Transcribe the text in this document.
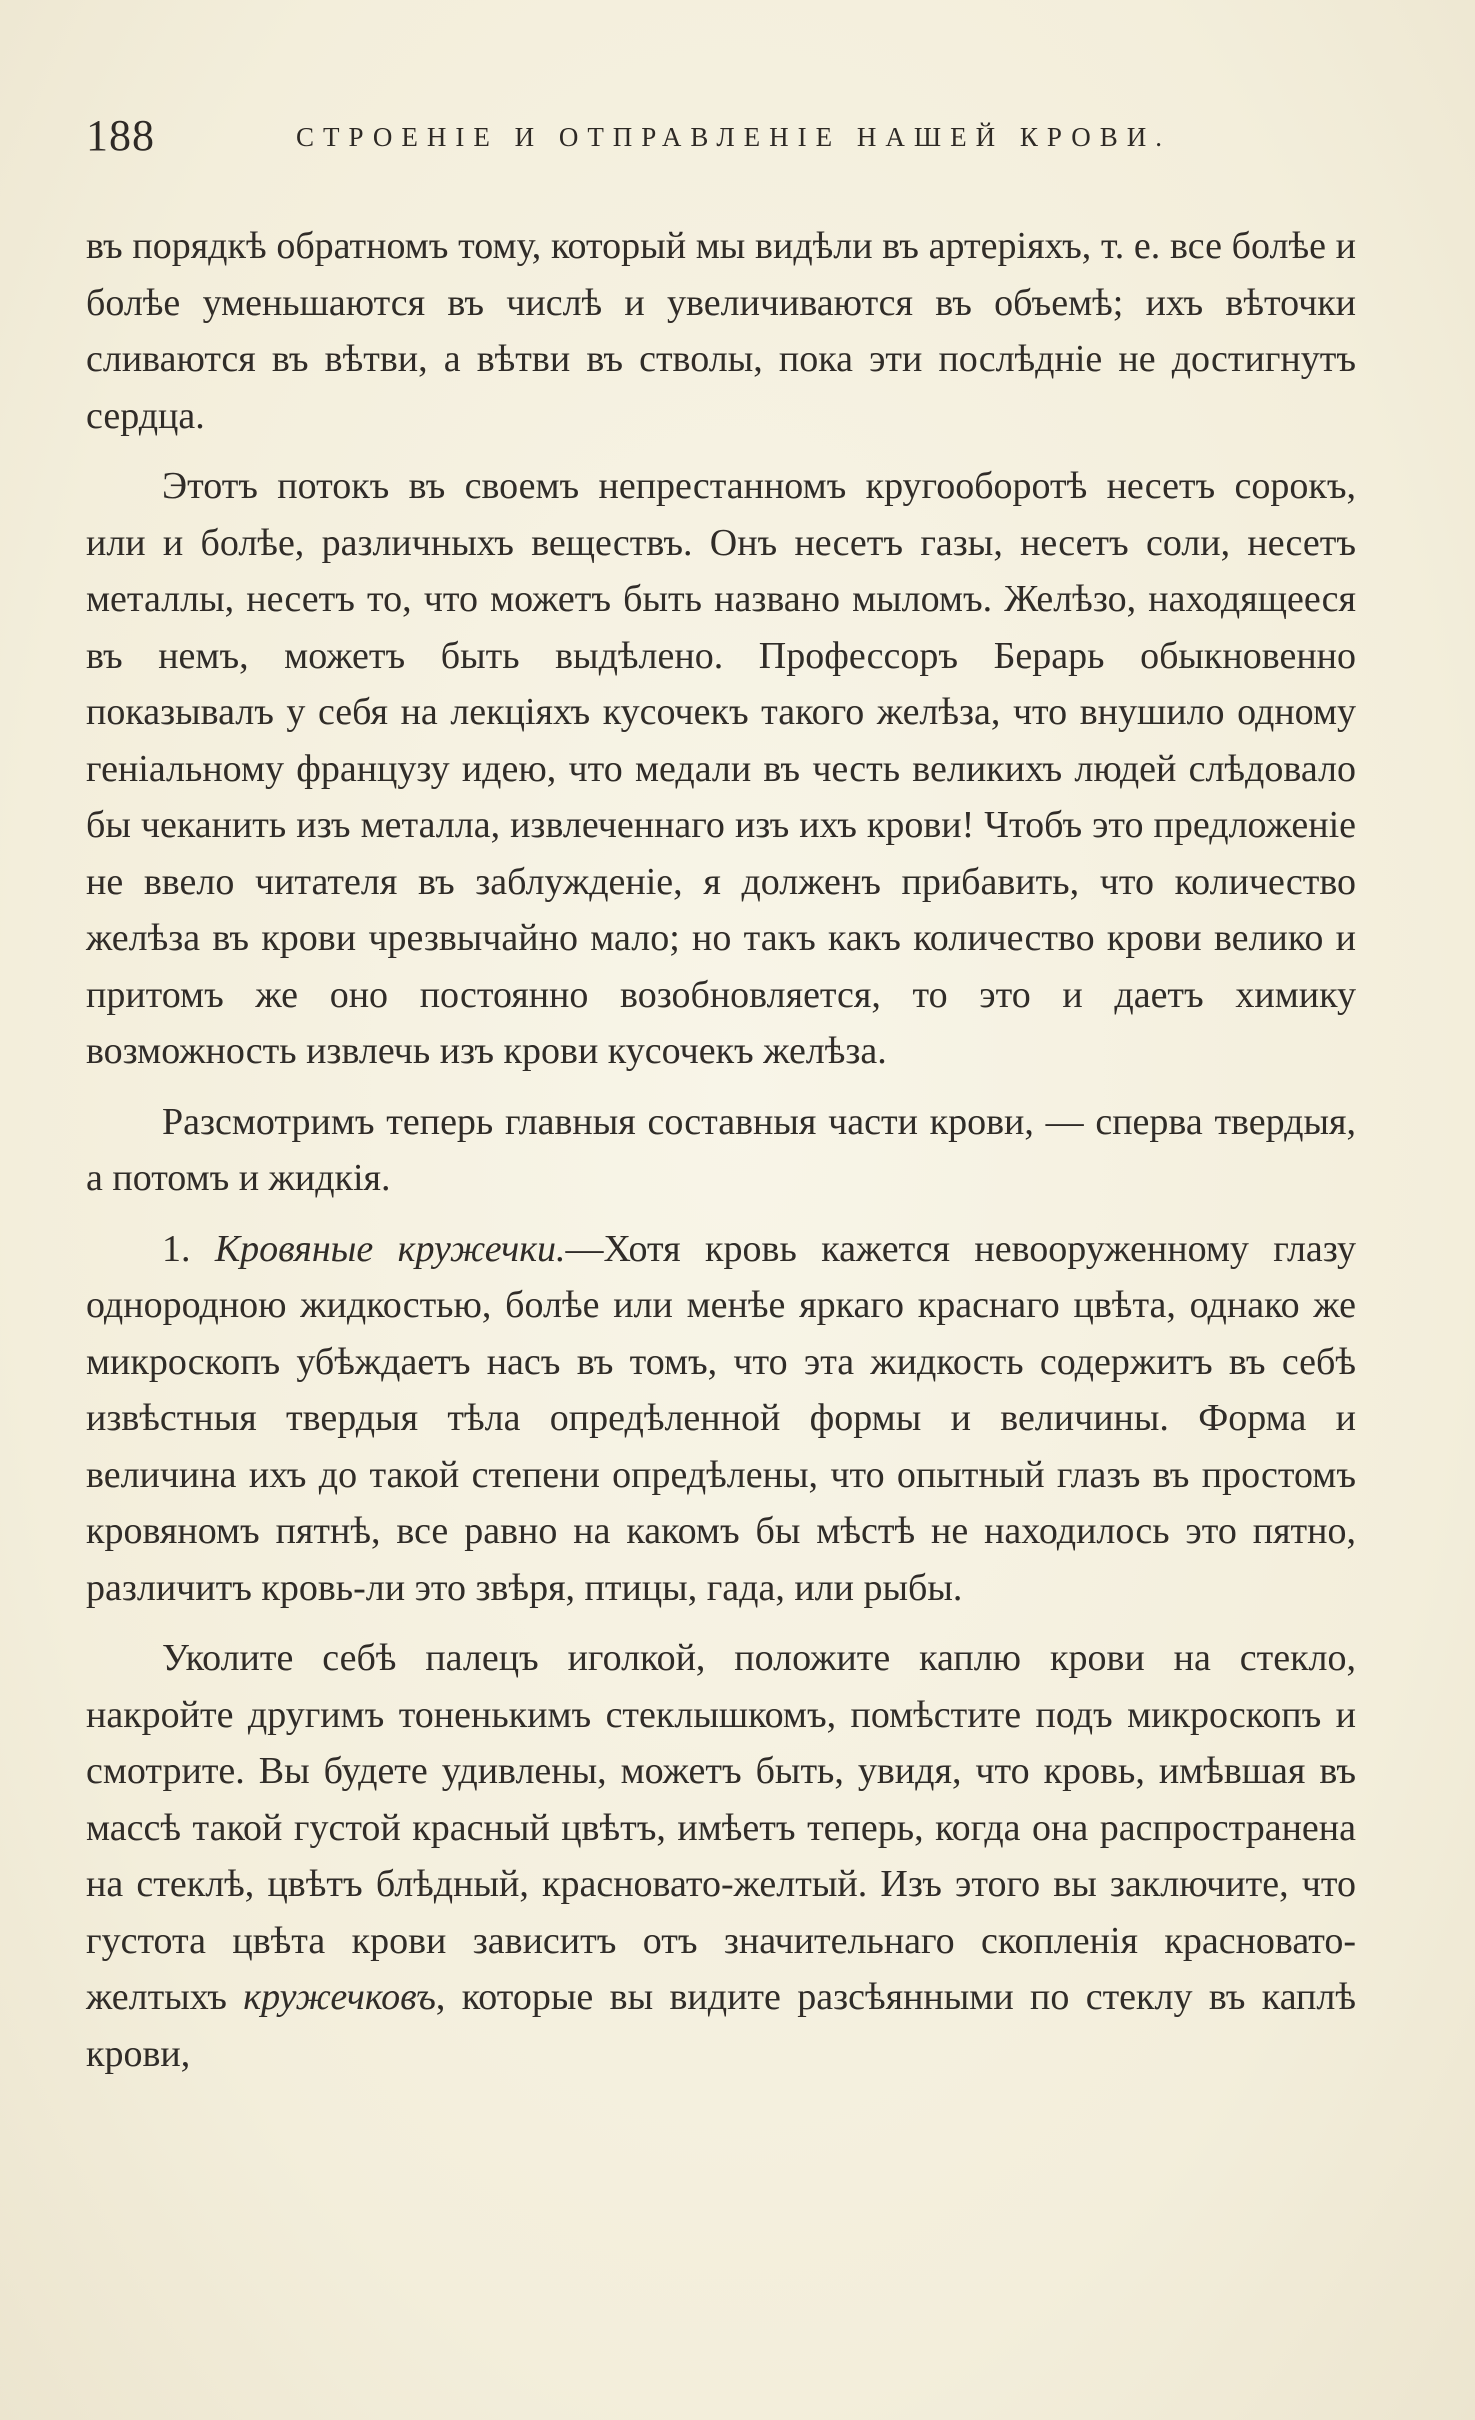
188	СТРОЕНІЕ И ОТПРАВЛЕНІЕ НАШЕЙ КРОВИ.

въ порядкѣ обратномъ тому, который мы видѣли въ артеріяхъ, т. е. все болѣе и болѣе уменьшаются въ числѣ и увеличиваются въ объемѣ; ихъ вѣточки сливаются въ вѣтви, а вѣтви въ стволы, пока эти послѣдніе не достигнутъ сердца.

Этотъ потокъ въ своемъ непрестанномъ кругооборотѣ несетъ сорокъ, или и болѣе, различныхъ веществъ. Онъ несетъ газы, несетъ соли, несетъ металлы, несетъ то, что можетъ быть названо мыломъ. Желѣзо, находящееся въ немъ, можетъ быть выдѣлено. Профессоръ Берарь обыкновенно показывалъ у себя на лекціяхъ кусочекъ такого желѣза, что внушило одному геніальному французу идею, что медали въ честь великихъ людей слѣдовало бы чеканить изъ металла, извлеченнаго изъ ихъ крови! Чтобъ это предложеніе не ввело читателя въ заблужденіе, я долженъ прибавить, что количество желѣза въ крови чрезвычайно мало; но такъ какъ количество крови велико и притомъ же оно постоянно возобновляется, то это и даетъ химику возможность извлечь изъ крови кусочекъ желѣза.

Разсмотримъ теперь главныя составныя части крови, — сперва твердыя, а потомъ и жидкія.

1. Кровяные кружечки.—Хотя кровь кажется невооруженному глазу однородною жидкостью, болѣе или менѣе яркаго краснаго цвѣта, однако же микроскопъ убѣждаетъ насъ въ томъ, что эта жидкость содержитъ въ себѣ извѣстныя твердыя тѣла опредѣленной формы и величины. Форма и величина ихъ до такой степени опредѣлены, что опытный глазъ въ простомъ кровяномъ пятнѣ, все равно на какомъ бы мѣстѣ не находилось это пятно, различитъ кровь-ли это звѣря, птицы, гада, или рыбы.

Уколите себѣ палецъ иголкой, положите каплю крови на стекло, накройте другимъ тоненькимъ стеклышкомъ, помѣстите подъ микроскопъ и смотрите. Вы будете удивлены, можетъ быть, увидя, что кровь, имѣвшая въ массѣ такой густой красный цвѣтъ, имѣетъ теперь, когда она распространена на стеклѣ, цвѣтъ блѣдный, красновато-желтый. Изъ этого вы заключите, что густота цвѣта крови зависитъ отъ значительнаго скопленія красновато-желтыхъ кружечковъ, которые вы видите разсѣянными по стеклу въ каплѣ крови,
